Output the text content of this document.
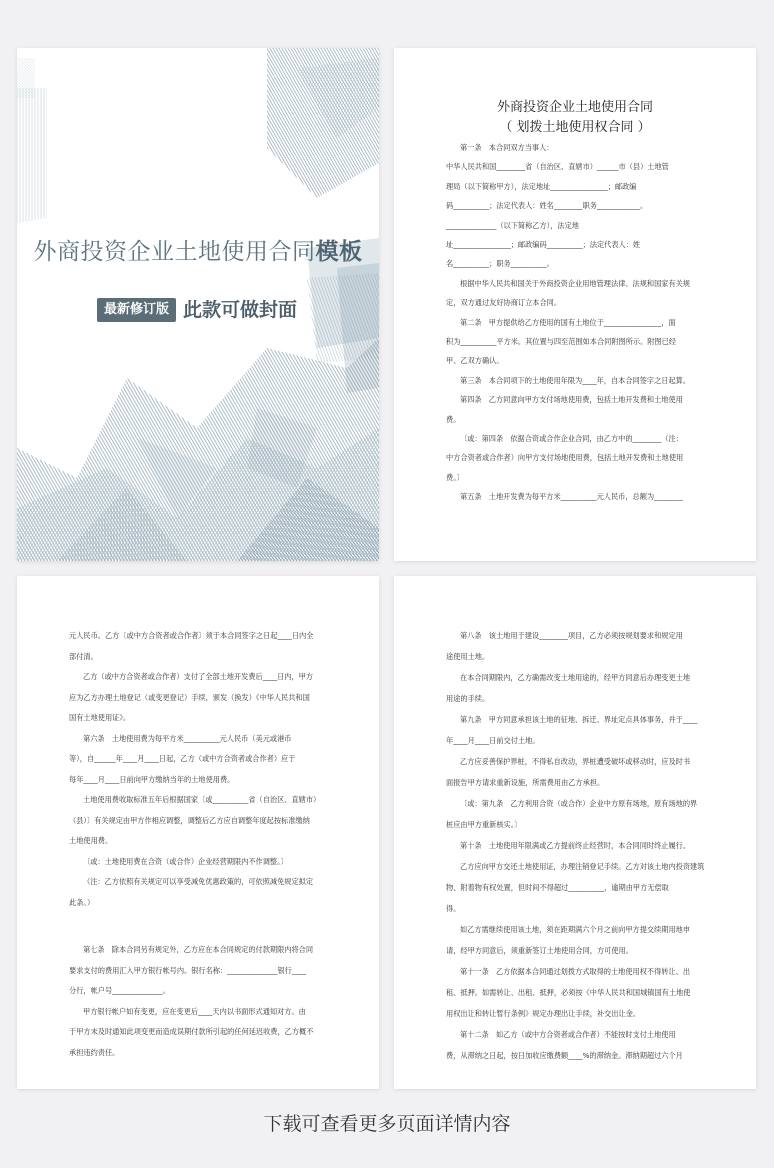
外商投资企业土地使用合同模板
最新修订版 此款可做封面
外商投资企业土地使用合同
（ 划拨土地使用权合同 ）
第一条　本合同双方当事人：
中华人民共和国________省（自治区、直辖市）______市（县）土地管
理局（以下简称甲方），法定地址________________；邮政编
码__________；法定代表人：姓名________职务____________。
______________（以下简称乙方），法定地
址________________；邮政编码__________；法定代表人：姓
名__________；职务__________。
根据中华人民共和国关于外商投资企业用地管理法律、法规和国家有关规
定，双方通过友好协商订立本合同。
第二条　甲方提供给乙方使用的国有土地位于________________，面
积为__________平方米。其位置与四至范围如本合同附图所示。附图已经
甲、乙双方确认。
第三条　本合同项下的土地使用年限为____年，自本合同签字之日起算。
第四条　乙方同意向甲方支付场地使用费，包括土地开发费和土地使用
费。
〔或：第四条　依据合资或合作企业合同，由乙方中的________（注：
中方合资者或合作者）向甲方支付场地使用费，包括土地开发费和土地使用
费。〕
第五条　土地开发费为每平方米__________元人民币，总额为________
元人民币。乙方〔或中方合资者或合作者〕须于本合同签字之日起____日内全
部付清。
乙方（或中方合资者或合作者）支付了全部土地开发费后____日内，甲方
应为乙方办理土地登记（或变更登记）手续，颁发（换发）《中华人民共和国
国有土地使用证》。
第六条　土地使用费为每平方米__________元人民币（美元或港币
等），自______年____月____日起，乙方（或中方合资者或合作者）应于
每年____月____日前向甲方缴纳当年的土地使用费。
土地使用费收取标准五年后根据国家〔或__________省（自治区、直辖市）
（县）〕有关规定由甲方作相应调整，调整后乙方应自调整年度起按标准缴纳
土地使用费。
〔或：土地使用费在合资（或合作）企业经营期限内不作调整。〕
（注：乙方依照有关规定可以享受减免优惠政策的，可依照减免规定拟定
此条。）
第七条　除本合同另有规定外，乙方应在本合同规定的付款期限内将合同
要求支付的费用汇入甲方银行帐号内。银行名称：______________银行____
分行，帐户号______________。
甲方银行帐户如有变更，应在变更后____天内以书面形式通知对方。由
于甲方未及时通知此项变更而造成误期付款所引起的任何延迟收费，乙方概不
承担违约责任。
第八条　该土地用于建设________项目，乙方必须按规划要求和规定用
途使用土地。
在本合同期限内，乙方确需改变土地用途的，经甲方同意后办理变更土地
用途的手续。
第九条　甲方同意承担该土地的征地、拆迁、界址定点具体事务，并于____
年____月____日前交付土地。
乙方应妥善保护界桩，不得私自改动，界桩遭受破坏或移动时，应及时书
面报告甲方请求重新设施，所需费用由乙方承担。
〔或：第九条　乙方利用合资（或合作）企业中方原有场地，原有场地的界
桩应由甲方重新核实。〕
第十条　土地使用年限满或乙方提前终止经营时，本合同同时终止履行。
乙方应向甲方交还土地使用证，办理注销登记手续。乙方对该土地内投资建筑
物、附着物有权处置，但时间不得超过__________，逾期由甲方无偿取
得。
如乙方需继续使用该土地，须在距期满六个月之前向甲方提交续期用地申
请，经甲方同意后，须重新签订土地使用合同，方可使用。
第十一条　乙方依据本合同通过划拨方式取得的土地使用权不得转让、出
租、抵押。如需转让、出租、抵押，必须按《中华人民共和国城镇国有土地使
用权出让和转让暂行条例》规定办理出让手续，补交出让金。
第十二条　如乙方（或中方合资者或合作者）不能按时支付土地使用
费，从滞纳之日起，按日加收应缴费额____%的滞纳金。滞纳期超过六个月
下载可查看更多页面详情内容
